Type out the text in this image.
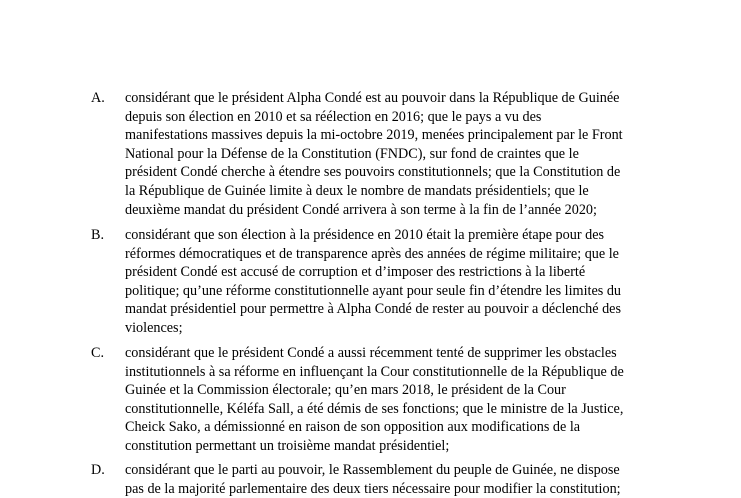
A. considérant que le président Alpha Condé est au pouvoir dans la République de Guinée
depuis son élection en 2010 et sa réélection en 2016; que le pays a vu des
manifestations massives depuis la mi-octobre 2019, menées principalement par le Front
National pour la Défense de la Constitution (FNDC), sur fond de craintes que le
président Condé cherche à étendre ses pouvoirs constitutionnels; que la Constitution de
la République de Guinée limite à deux le nombre de mandats présidentiels; que le
deuxième mandat du président Condé arrivera à son terme à la fin de l’année 2020;
B. considérant que son élection à la présidence en 2010 était la première étape pour des
réformes démocratiques et de transparence après des années de régime militaire; que le
président Condé est accusé de corruption et d’imposer des restrictions à la liberté
politique; qu’une réforme constitutionnelle ayant pour seule fin d’étendre les limites du
mandat présidentiel pour permettre à Alpha Condé de rester au pouvoir a déclenché des
violences;
C. considérant que le président Condé a aussi récemment tenté de supprimer les obstacles
institutionnels à sa réforme en influençant la Cour constitutionnelle de la République de
Guinée et la Commission électorale; qu’en mars 2018, le président de la Cour
constitutionnelle, Kéléfa Sall, a été démis de ses fonctions; que le ministre de la Justice,
Cheick Sako, a démissionné en raison de son opposition aux modifications de la
constitution permettant un troisième mandat présidentiel;
D. considérant que le parti au pouvoir, le Rassemblement du peuple de Guinée, ne dispose
pas de la majorité parlementaire des deux tiers nécessaire pour modifier la constitution;
